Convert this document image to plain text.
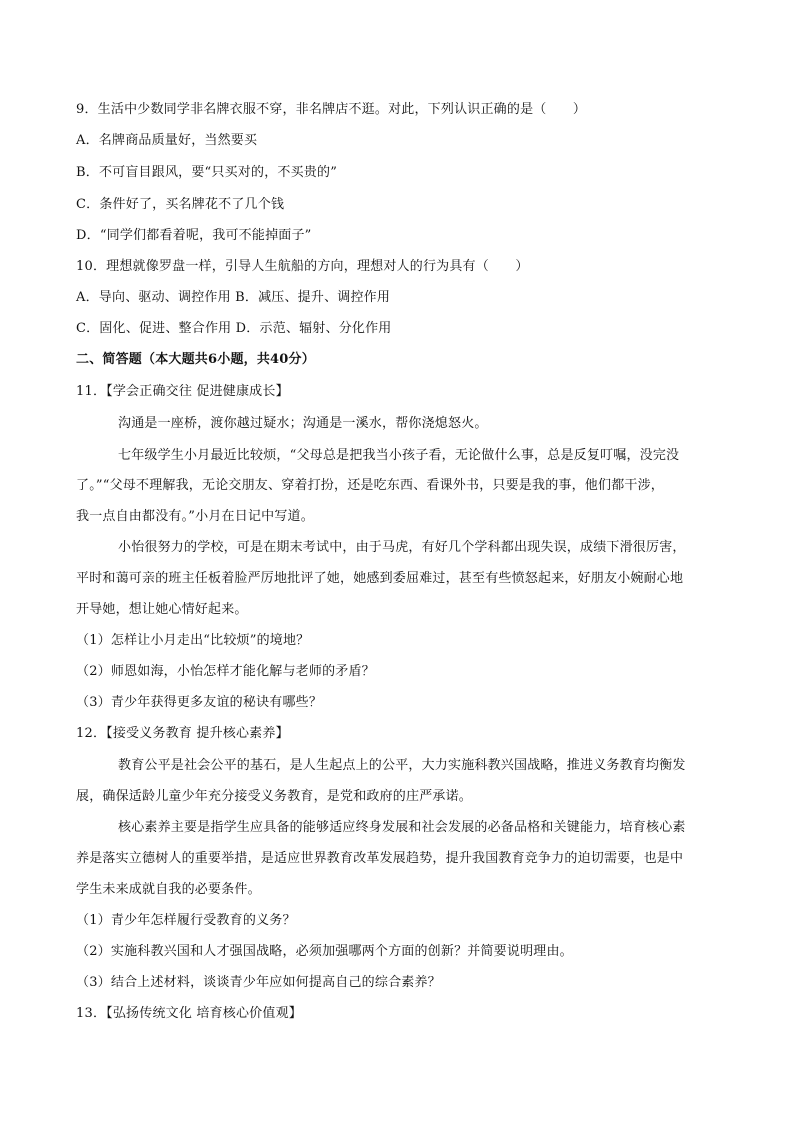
9．生活中少数同学非名牌衣服不穿，非名牌店不逛。对此，下列认识正确的是（　　）
A．名牌商品质量好，当然要买
B．不可盲目跟风，要“只买对的，不买贵的”
C．条件好了，买名牌花不了几个钱
D．“同学们都看着呢，我可不能掉面子”
10．理想就像罗盘一样，引导人生航船的方向，理想对人的行为具有（　　）
A．导向、驱动、调控作用 B．减压、提升、调控作用
C．固化、促进、整合作用 D．示范、辐射、分化作用
二、简答题（本大题共6小题，共40分）
11．【学会正确交往 促进健康成长】
沟通是一座桥，渡你越过疑水；沟通是一溪水，帮你浇熄怒火。
七年级学生小月最近比较烦，“父母总是把我当小孩子看，无论做什么事，总是反复叮嘱，没完没
了。”“父母不理解我，无论交朋友、穿着打扮，还是吃东西、看课外书，只要是我的事，他们都干涉，
我一点自由都没有。”小月在日记中写道。
小怡很努力的学校，可是在期末考试中，由于马虎，有好几个学科都出现失误，成绩下滑很厉害，
平时和蔼可亲的班主任板着脸严厉地批评了她，她感到委屈难过，甚至有些愤怒起来，好朋友小婉耐心地
开导她，想让她心情好起来。
（1）怎样让小月走出“比较烦”的境地？
（2）师恩如海，小怡怎样才能化解与老师的矛盾？
（3）青少年获得更多友谊的秘诀有哪些？
12．【接受义务教育 提升核心素养】
教育公平是社会公平的基石，是人生起点上的公平，大力实施科教兴国战略，推进义务教育均衡发
展，确保适龄儿童少年充分接受义务教育，是党和政府的庄严承诺。
核心素养主要是指学生应具备的能够适应终身发展和社会发展的必备品格和关键能力，培育核心素
养是落实立德树人的重要举措，是适应世界教育改革发展趋势，提升我国教育竞争力的迫切需要，也是中
学生未来成就自我的必要条件。
（1）青少年怎样履行受教育的义务？
（2）实施科教兴国和人才强国战略，必须加强哪两个方面的创新？并简要说明理由。
（3）结合上述材料，谈谈青少年应如何提高自己的综合素养？
13．【弘扬传统文化 培育核心价值观】
